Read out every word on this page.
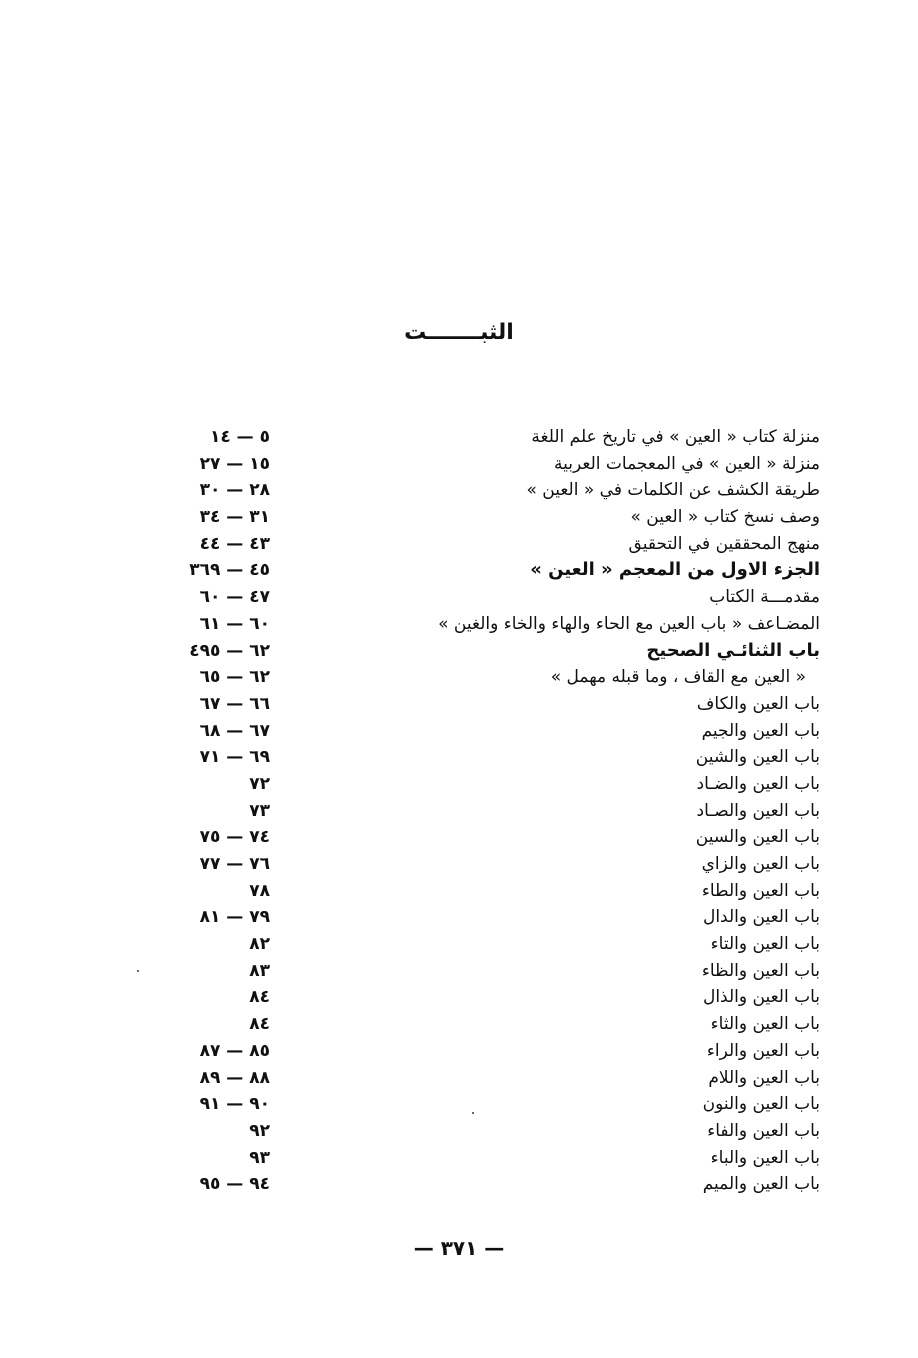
الثبـــــــت
منزلة كتاب « العين » في تاريخ علم اللغة
٥ — ١٤
منزلة « العين » في المعجمات العربية
١٥ — ٢٧
طريقة الكشف عن الكلمات في « العين »
٢٨ — ٣٠
وصف نسخ كتاب « العين »
٣١ — ٣٤
منهج المحققين في التحقيق
٤٣ — ٤٤
الجزء الاول من المعجم « العين »
٤٥ — ٣٦٩
مقدمـــة الكتاب
٤٧ — ٦٠
المضـاعف « باب العين مع الحاء والهاء والخاء والغين »
٦٠ — ٦١
باب الثنائـي الصحيح
٦٢ — ٤٩٥
« العين مع القاف ، وما قبله مهمل »
٦٢ — ٦٥
باب العين والكاف
٦٦ — ٦٧
باب العين والجيم
٦٧ — ٦٨
باب العين والشين
٦٩ — ٧١
باب العين والضـاد
٧٢
باب العين والصـاد
٧٣
باب العين والسين
٧٤ — ٧٥
باب العين والزاي
٧٦ — ٧٧
باب العين والطاء
٧٨
باب العين والدال
٧٩ — ٨١
باب العين والتاء
٨٢
باب العين والظاء
٨٣
باب العين والذال
٨٤
باب العين والثاء
٨٤
باب العين والراء
٨٥ — ٨٧
باب العين واللام
٨٨ — ٨٩
باب العين والنون
٩٠ — ٩١
باب العين والفاء
٩٢
باب العين والباء
٩٣
باب العين والميم
٩٤ — ٩٥
— ٣٧١ —
